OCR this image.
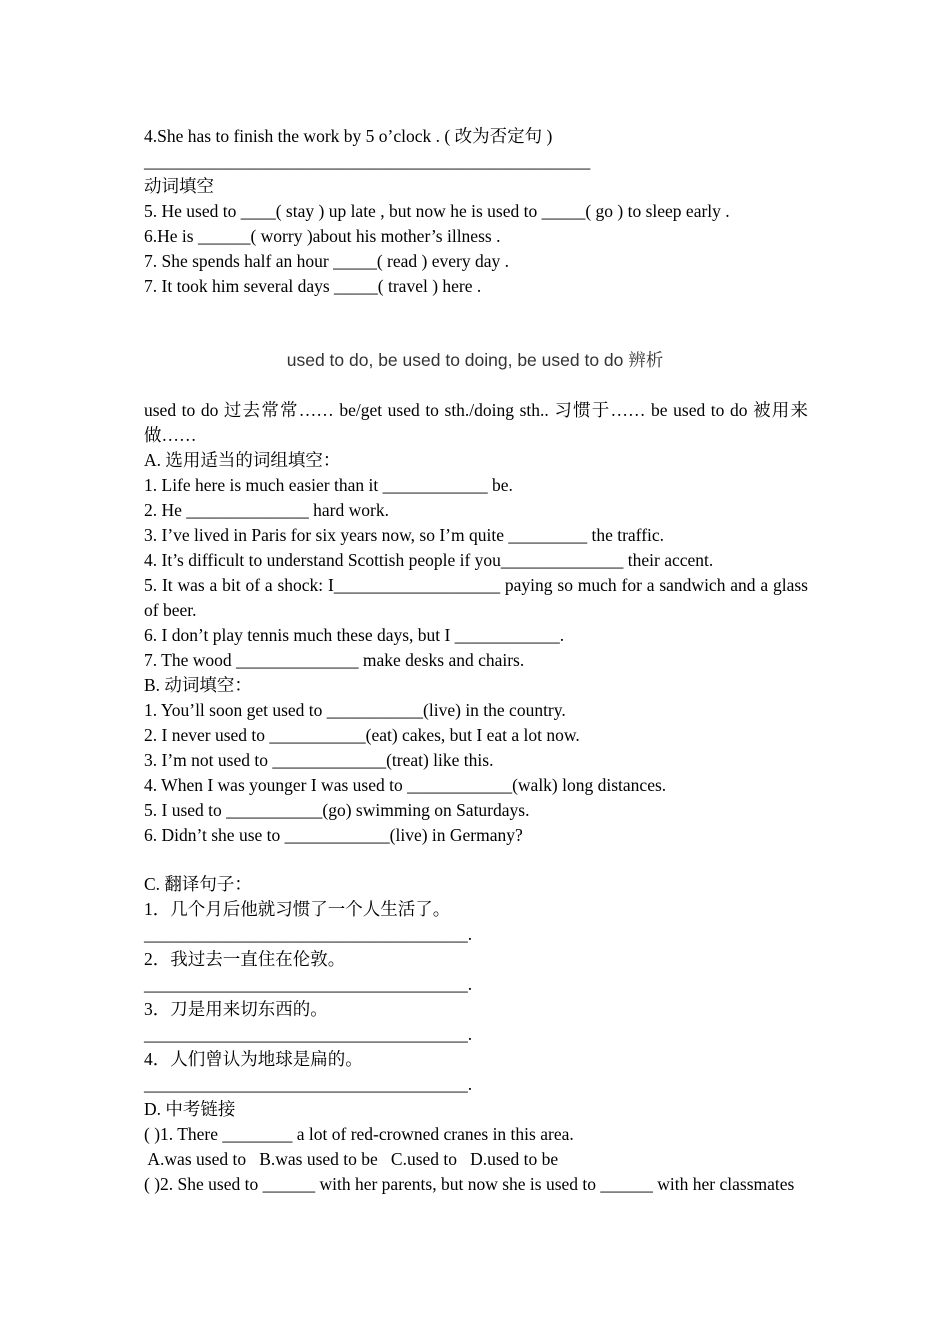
4.She has to finish the work by 5 o’clock . ( 改为否定句 )
___________________________________________________
动词填空
5. He used to ____( stay ) up late , but now he is used to _____( go ) to sleep early .
6.He is ______( worry )about his mother’s illness .
7. She spends half an hour _____( read ) every day .
7. It took him several days _____( travel ) here .
used to do, be used to doing, be used to do 辨析
used to do 过去常常…… be/get used to sth./doing sth.. 习惯于…… be used to do 被用来做……
A. 选用适当的词组填空：
1. Life here is much easier than it ____________ be.
2. He ______________ hard work.
3. I’ve lived in Paris for six years now, so I’m quite _________ the traffic.
4. It’s difficult to understand Scottish people if you______________ their accent.
5. It was a bit of a shock: I___________________ paying so much for a sandwich and a glass of beer.
6. I don’t play tennis much these days, but I ____________.
7. The wood ______________ make desks and chairs.
B. 动词填空：
1. You’ll soon get used to ___________(live) in the country.
2. I never used to ___________(eat) cakes, but I eat a lot now.
3. I’m not used to _____________(treat) like this.
4. When I was younger I was used to ____________(walk) long distances.
5. I used to ___________(go) swimming on Saturdays.
6. Didn’t she use to ____________(live) in Germany?
C. 翻译句子：
1．几个月后他就习惯了一个人生活了。
_____________________________________.
2．我过去一直住在伦敦。
_____________________________________.
3．刀是用来切东西的。
_____________________________________.
4．人们曾认为地球是扁的。
_____________________________________.
D. 中考链接
( )1. There ________ a lot of red-crowned cranes in this area.
A.was used to   B.was used to be   C.used to   D.used to be
( )2. She used to ______ with her parents, but now she is used to ______ with her classmates
